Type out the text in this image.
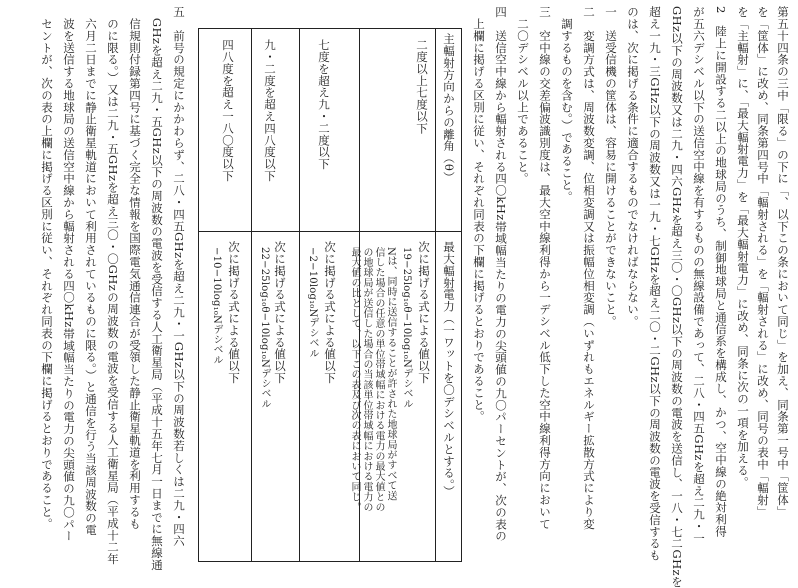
第五十四条の三中「限る」の下に「、以下この条において同じ」を加え、同条第一号中「筐体」
を「筐体」に改め、同条第四号中「輻射される」を「輻射される」に改め、同号の表中「輻射」
を「主輻射」に、「最大輻射電力」を「最大輻射電力」に改め、同条に次の一項を加える。
2　陸上に開設する二以上の地球局のうち、制御地球局と通信系を構成し、かつ、空中線の絶対利得
が五六デシベル以下の送信空中線を有するものの無線設備であって、二八・四五GHzを超え二九・一
GHz以下の周波数又は二九・四六GHzを超え三〇・〇GHz以下の周波数の電波を送信し、一八・七二GHzを
超え一九・三GHz以下の周波数又は一九・七GHzを超え二〇・二GHz以下の周波数の電波を受信するも
のは、次に掲げる条件に適合するものでなければならない。
一　送受信機の筐体は、容易に開けることができないこと。
二　変調方式は、周波数変調、位相変調又は振幅位相変調（いずれもエネルギー拡散方式により変
　調するものを含む。）であること。
三　空中線の交差偏波識別度は、最大空中線利得から一デシベル低下した空中線利得方向において
　二〇デシベル以上であること。
四　送信空中線から輻射される四〇kHz帯域幅当たりの電力の尖頭値の九〇パーセントが、次の表の
　上欄に掲げる区別に従い、それぞれ同表の下欄に掲げるとおりであること。
主輻射方向からの離角（θ）
最大輻射電力（一ワットを〇デシベルとする。）
二度以上七度以下
次に掲げる式による値以下
19−25log₁₀θ−10log₁₀Nデシベル
Nは、同時に送信することが許された地球局がすべて送
信した場合の任意の単位帯域幅における電力の最大値との
の地球局が送信した場合の当該単位帯域幅における電力の
最大値の比として、以下この表及び次の表において同じ。
七度を超え九・二度以下
次に掲げる式による値以下
−2−10log₁₀Nデシベル
九・二度を超え四八度以下
次に掲げる式による値以下
22−25log₁₀θ−10log₁₀Nデシベル
四八度を超え一八〇度以下
次に掲げる式による値以下
−10−10log₁₀Nデシベル
五　前号の規定にかかわらず、二八・四五GHzを超え二九・一GHz以下の周波数若しくは二九・四六
　GHzを超え二九・五GHz以下の周波数の電波を受信する人工衛星局（平成十五年七月一日までに無線通
　信規則付録第四号に基づく完全な情報を国際電気通信連合が受領した静止衛星軌道を利用するも
　のに限る。）又は二九・五GHzを超え三〇・〇GHzの周波数の電波を受信する人工衛星局（平成十二年
　六月二日までに静止衛星軌道において利用されているものに限る。）と通信を行う当該周波数の電
　波を送信する地球局の送信空中線から輻射される四〇kHz帯域幅当たりの電力の尖頭値の九〇パー
　セントが、次の表の上欄に掲げる区別に従い、それぞれ同表の下欄に掲げるとおりであること。
